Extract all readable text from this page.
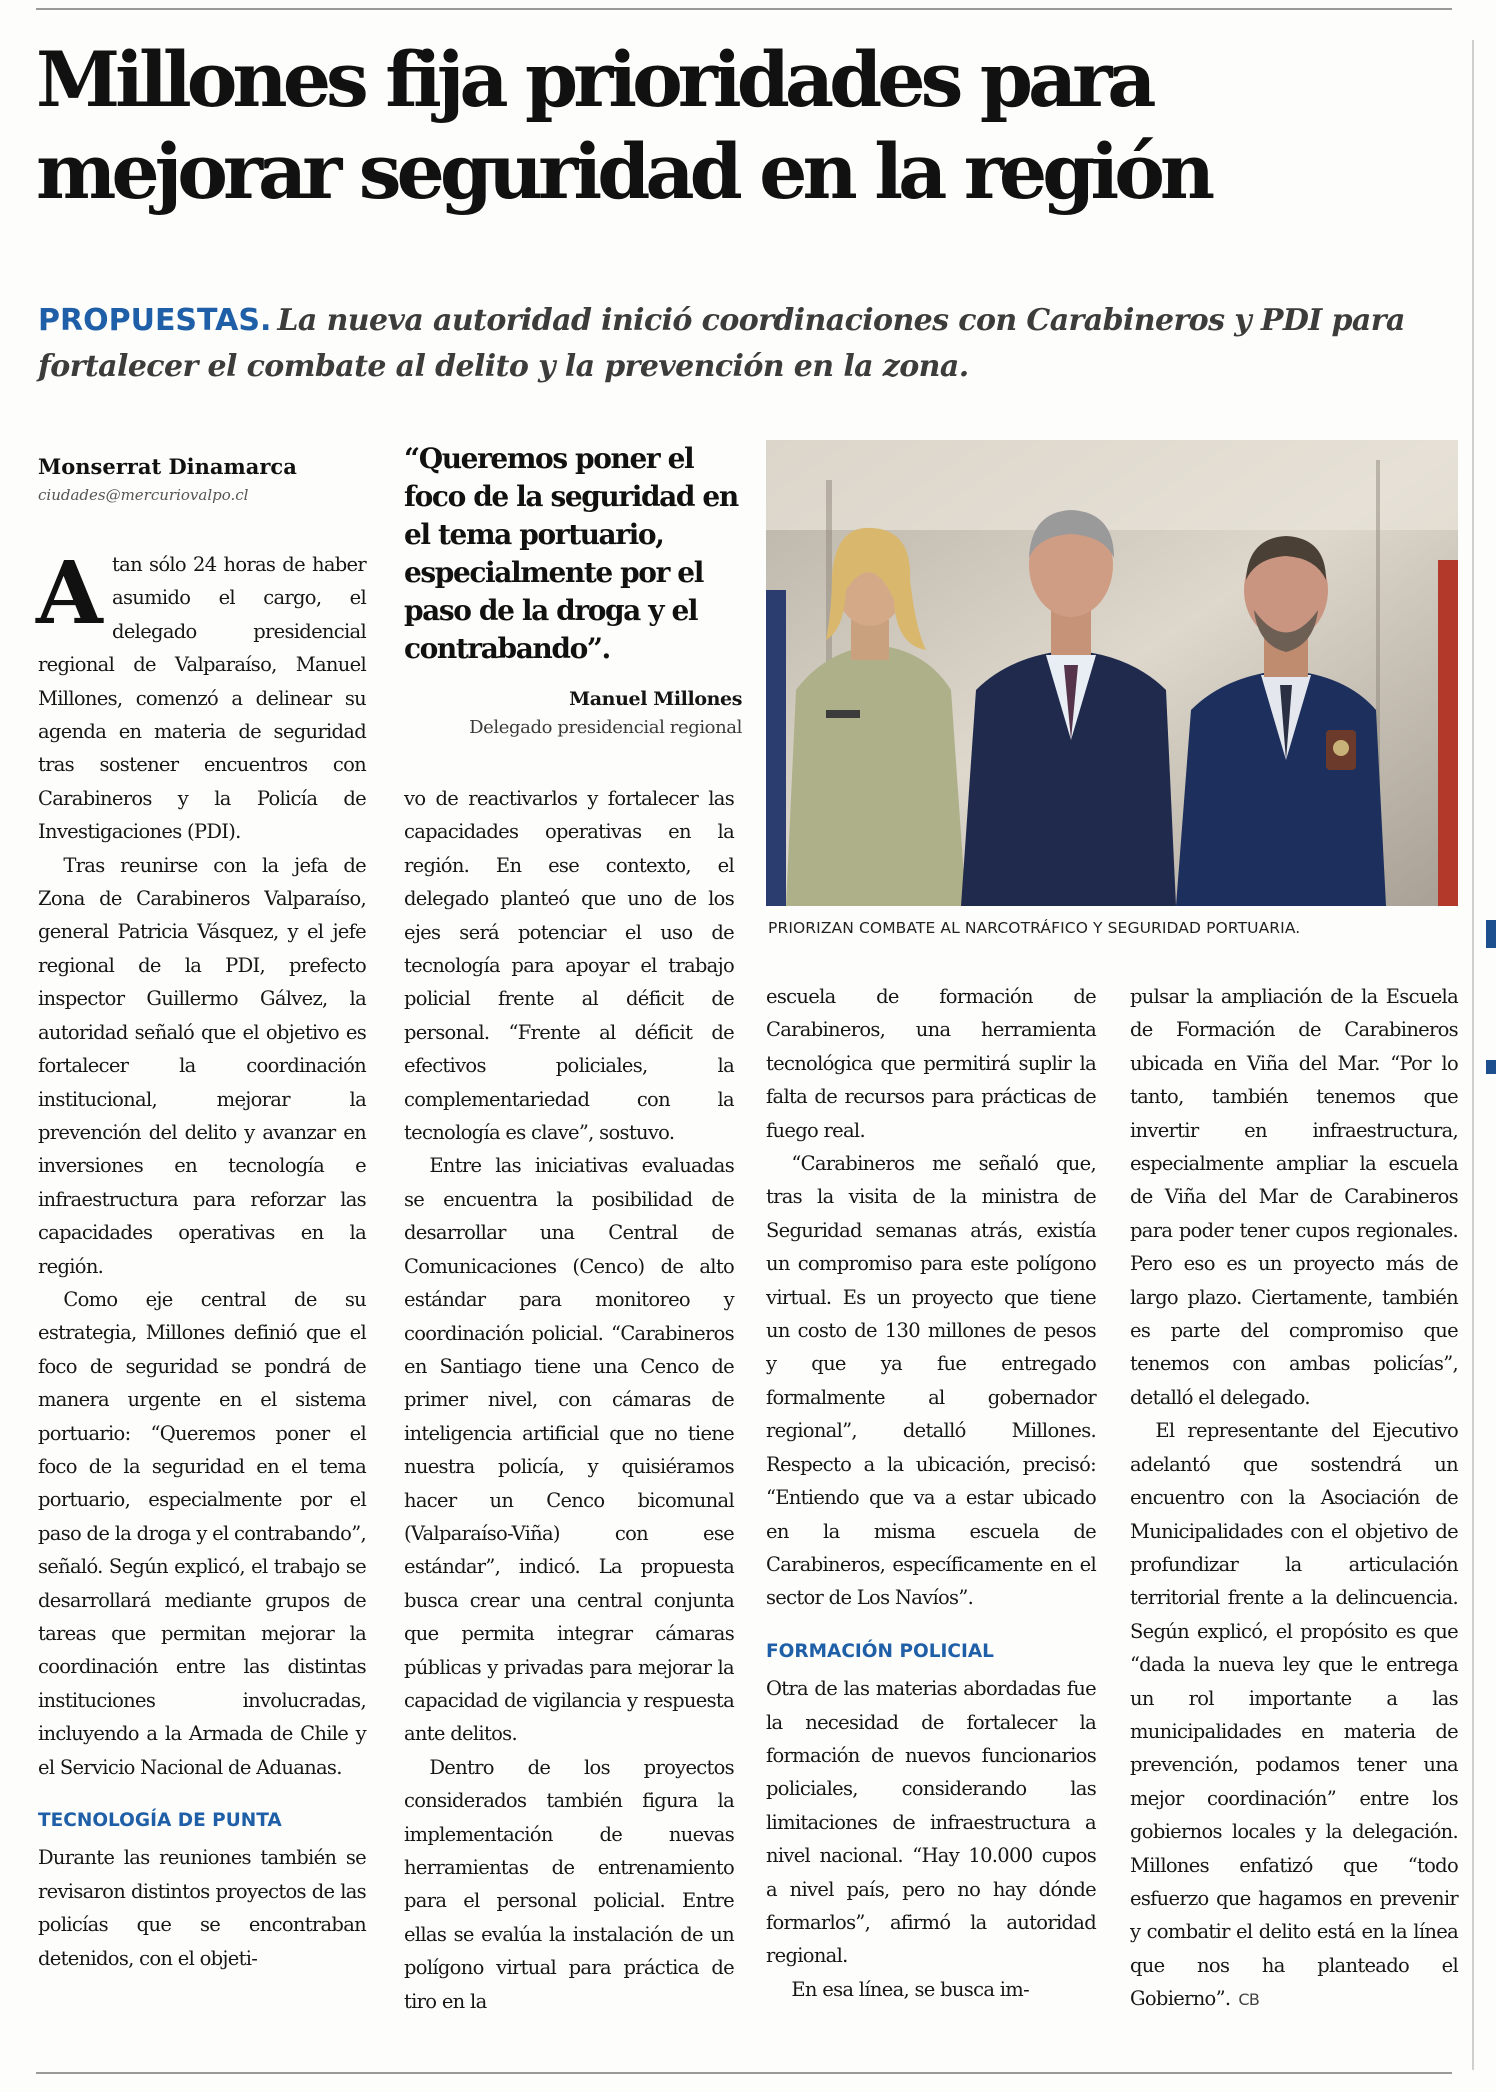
Millones fija prioridades para mejorar seguridad en la región

PROPUESTAS. La nueva autoridad inició coordinaciones con Carabineros y PDI para fortalecer el combate al delito y la prevención en la zona.

Monserrat Dinamarca
ciudades@mercuriovalpo.cl

Atan sólo 24 horas de haber asumido el cargo, el delegado presidencial regional de Valparaíso, Manuel Millones, comenzó a delinear su agenda en materia de seguridad tras sostener encuentros con Carabineros y la Policía de Investigaciones (PDI).

Tras reunirse con la jefa de Zona de Carabineros Valparaíso, general Patricia Vásquez, y el jefe regional de la PDI, prefecto inspector Guillermo Gálvez, la autoridad señaló que el objetivo es fortalecer la coordinación institucional, mejorar la prevención del delito y avanzar en inversiones en tecnología e infraestructura para reforzar las capacidades operativas en la región.

Como eje central de su estrategia, Millones definió que el foco de seguridad se pondrá de manera urgente en el sistema portuario: “Queremos poner el foco de la seguridad en el tema portuario, especialmente por el paso de la droga y el contrabando”, señaló. Según explicó, el trabajo se desarrollará mediante grupos de tareas que permitan mejorar la coordinación entre las distintas instituciones involucradas, incluyendo a la Armada de Chile y el Servicio Nacional de Aduanas.

TECNOLOGÍA DE PUNTA

Durante las reuniones también se revisaron distintos proyectos de las policías que se encontraban detenidos, con el objeti-

“Queremos poner el foco de la seguridad en el tema portuario, especialmente por el paso de la droga y el contrabando”.
Manuel Millones
Delegado presidencial regional

vo de reactivarlos y fortalecer las capacidades operativas en la región. En ese contexto, el delegado planteó que uno de los ejes será potenciar el uso de tecnología para apoyar el trabajo policial frente al déficit de personal. “Frente al déficit de efectivos policiales, la complementariedad con la tecnología es clave”, sostuvo.

Entre las iniciativas evaluadas se encuentra la posibilidad de desarrollar una Central de Comunicaciones (Cenco) de alto estándar para monitoreo y coordinación policial. “Carabineros en Santiago tiene una Cenco de primer nivel, con cámaras de inteligencia artificial que no tiene nuestra policía, y quisiéramos hacer un Cenco bicomunal (Valparaíso-Viña) con ese estándar”, indicó. La propuesta busca crear una central conjunta que permita integrar cámaras públicas y privadas para mejorar la capacidad de vigilancia y respuesta ante delitos.

Dentro de los proyectos considerados también figura la implementación de nuevas herramientas de entrenamiento para el personal policial. Entre ellas se evalúa la instalación de un polígono virtual para práctica de tiro en la

PRIORIZAN COMBATE AL NARCOTRÁFICO Y SEGURIDAD PORTUARIA.

escuela de formación de Carabineros, una herramienta tecnológica que permitirá suplir la falta de recursos para prácticas de fuego real.

“Carabineros me señaló que, tras la visita de la ministra de Seguridad semanas atrás, existía un compromiso para este polígono virtual. Es un proyecto que tiene un costo de 130 millones de pesos y que ya fue entregado formalmente al gobernador regional”, detalló Millones. Respecto a la ubicación, precisó: “Entiendo que va a estar ubicado en la misma escuela de Carabineros, específicamente en el sector de Los Navíos”.

FORMACIÓN POLICIAL

Otra de las materias abordadas fue la necesidad de fortalecer la formación de nuevos funcionarios policiales, considerando las limitaciones de infraestructura a nivel nacional. “Hay 10.000 cupos a nivel país, pero no hay dónde formarlos”, afirmó la autoridad regional.

En esa línea, se busca im-

pulsar la ampliación de la Escuela de Formación de Carabineros ubicada en Viña del Mar. “Por lo tanto, también tenemos que invertir en infraestructura, especialmente ampliar la escuela de Viña del Mar de Carabineros para poder tener cupos regionales. Pero eso es un proyecto más de largo plazo. Ciertamente, también es parte del compromiso que tenemos con ambas policías”, detalló el delegado.

El representante del Ejecutivo adelantó que sostendrá un encuentro con la Asociación de Municipalidades con el objetivo de profundizar la articulación territorial frente a la delincuencia. Según explicó, el propósito es que “dada la nueva ley que le entrega un rol importante a las municipalidades en materia de prevención, podamos tener una mejor coordinación” entre los gobiernos locales y la delegación. Millones enfatizó que “todo esfuerzo que hagamos en prevenir y combatir el delito está en la línea que nos ha planteado el Gobierno”. CB
